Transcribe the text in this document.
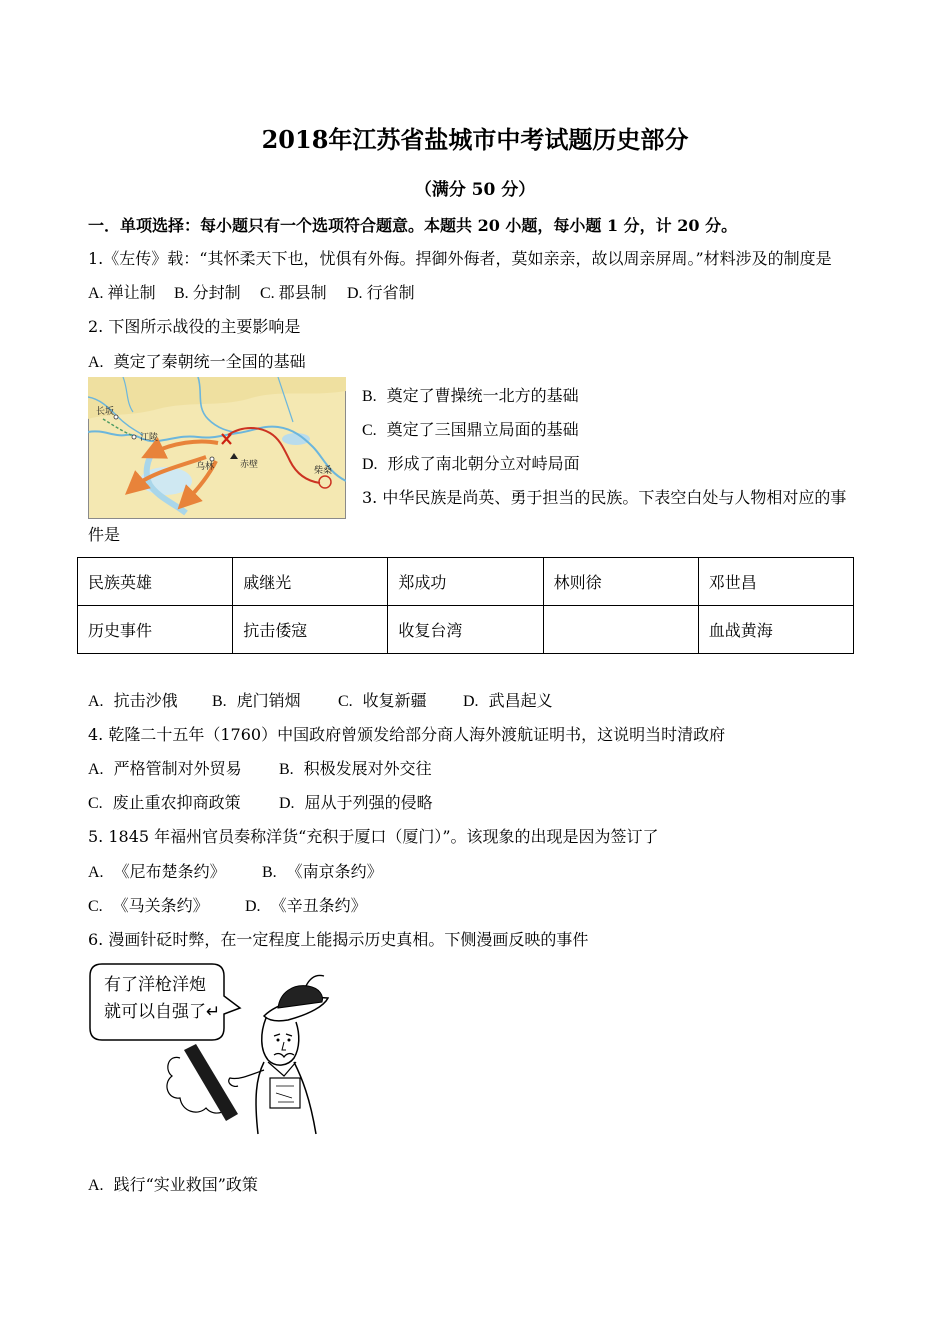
2018年江苏省盐城市中考试题历史部分
（满分 50 分）
一．单项选择：每小题只有一个选项符合题意。本题共 20 小题，每小题 1 分，计 20 分。
1.《左传》载：“其怀柔天下也，忧俱有外侮。捍御外侮者，莫如亲亲，故以周亲屏周。”材料涉及的制度是
A. 禅让制 B. 分封制 C. 郡县制 D. 行省制
2. 下图所示战役的主要影响是
A. 奠定了秦朝统一全国的基础
长坂
江陵
乌林	赤壁
柴桑
B. 奠定了曹操统一北方的基础
C. 奠定了三国鼎立局面的基础
D. 形成了南北朝分立对峙局面
3. 中华民族是尚英、勇于担当的民族。下表空白处与人物相对应的事
件是
民族英雄	戚继光	郑成功	林则徐	邓世昌
历史事件	抗击倭寇	收复台湾		血战黄海
A. 抗击沙俄 B. 虎门销烟 C. 收复新疆 D. 武昌起义
4. 乾隆二十五年（1760）中国政府曾颁发给部分商人海外渡航证明书，这说明当时清政府
A. 严格管制对外贸易 B. 积极发展对外交往
C. 废止重农抑商政策 D. 屈从于列强的侵略
5. 1845 年福州官员奏称洋货“充积于厦口（厦门）”。该现象的出现是因为签订了
A. 《尼布楚条约》 B. 《南京条约》
C. 《马关条约》 D. 《辛丑条约》
6. 漫画针砭时弊，在一定程度上能揭示历史真相。下侧漫画反映的事件
有了洋枪洋炮
就可以自强了↵
A. 践行“实业救国”政策
